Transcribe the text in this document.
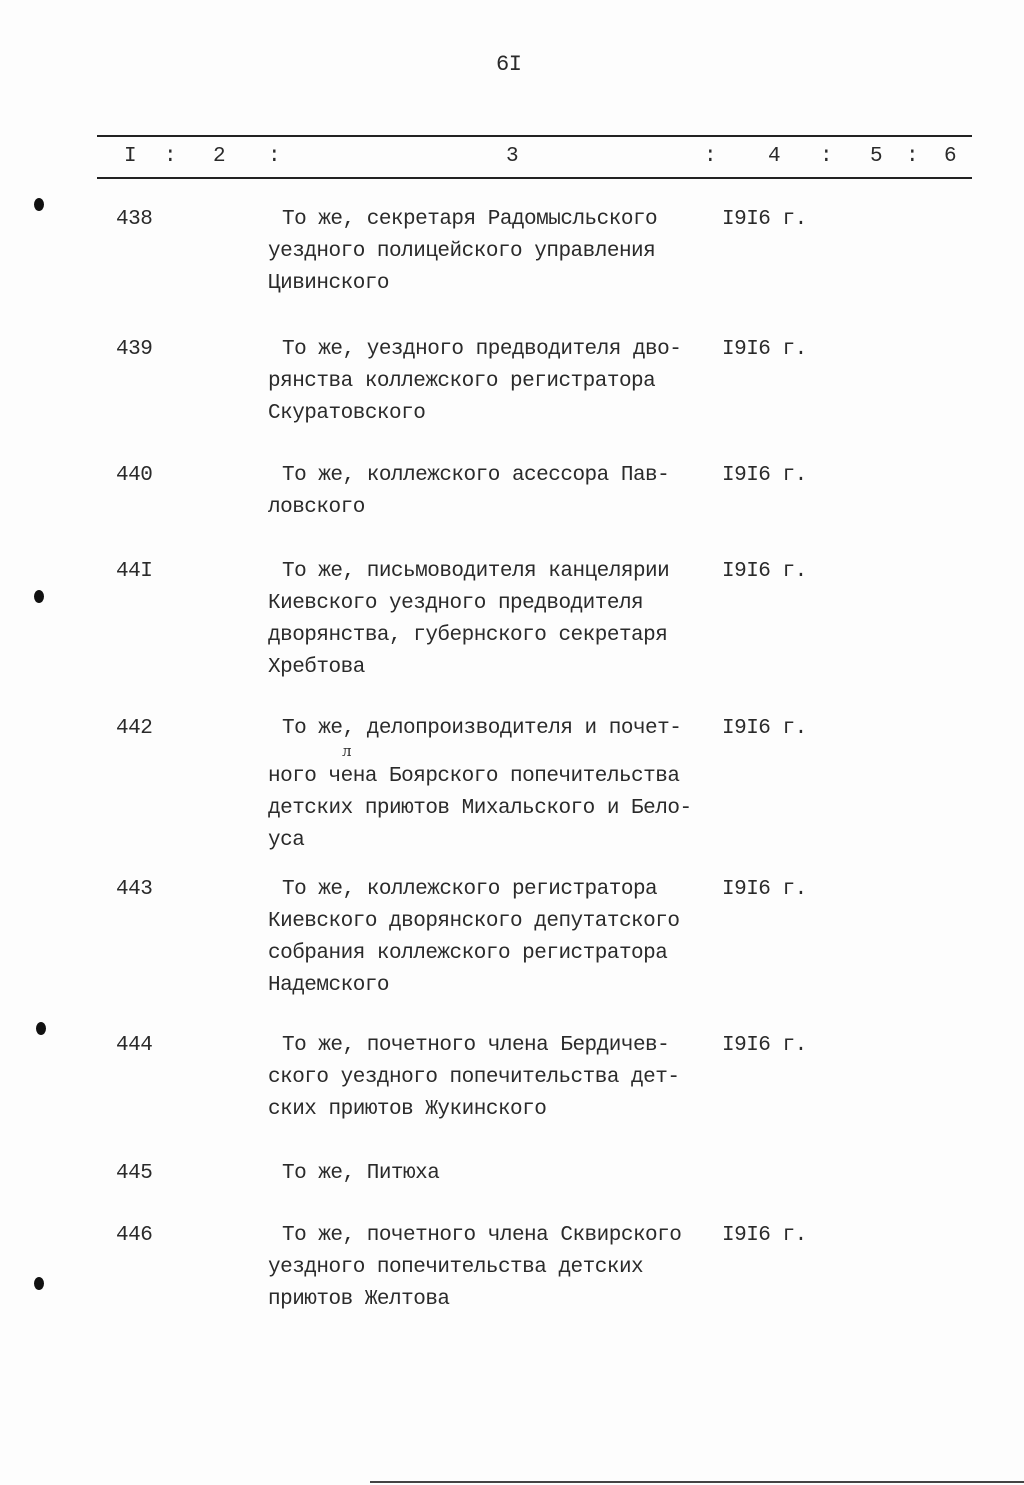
6I
I : 2 :	3	: 4 : 5 : 6
438	То же, секретаря Радомысльского
уездного полицейского управления
Цивинского
I9I6 г.
439	То же, уездного предводителя дво-
рянства коллежского регистратора
Скуратовского
I9I6 г.
440	То же, коллежского асессора Пав-
ловского
I9I6 г.
44I	То же, письмоводителя канцелярии
Киевского уездного предводителя
дворянства, губернского секретаря
Хребтова
I9I6 г.
442	То же, делопроизводителя и почет-
ного чена Боярского попечительства
детских приютов Михальского и Бело-
уса
I9I6 г.
л
443	То же, коллежского регистратора
Киевского дворянского депутатского
собрания коллежского регистратора
Надемского
I9I6 г.
444	То же, почетного члена Бердичев-
ского уездного попечительства дет-
ских приютов Жукинского
I9I6 г.
445	То же, Питюха
446	То же, почетного члена Сквирского
уездного попечительства детских
приютов Желтова
I9I6 г.
